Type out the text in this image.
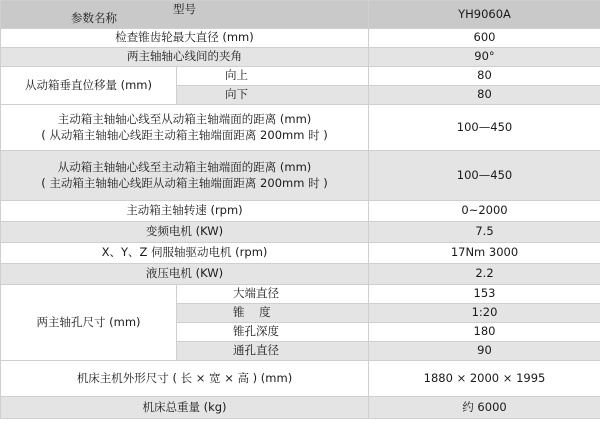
型号
参数名称		YH9060A
检查锥齿轮最大直径 (mm)		600
两主轴轴心线间的夹角		90°
从动箱垂直位移量 (mm)	向上	80
	向下	80

主动箱主轴轴心线至从动箱主轴端面的距离 (mm)
( 从动箱主轴轴心线距主动箱主轴端面距离 200mm 时 )		100—450

从动箱主轴轴心线至主动箱主轴端面的距离 (mm)
( 主动箱主轴轴心线距从动箱主轴端面距离 200mm 时 )		100—450
主动箱主轴转速 (rpm)		0~2000
变频电机 (KW)		7.5
X、Y、Z 伺服轴驱动电机 (rpm)		17Nm 3000
液压电机 (KW)		2.2
两主轴孔尺寸 (mm)	大端直径	153
	锥    度	1:20
	锥孔深度	180
	通孔直径	90
机床主机外形尺寸 ( 长 × 宽 × 高 ) (mm)		1880 × 2000 × 1995
机床总重量 (kg)		约 6000
